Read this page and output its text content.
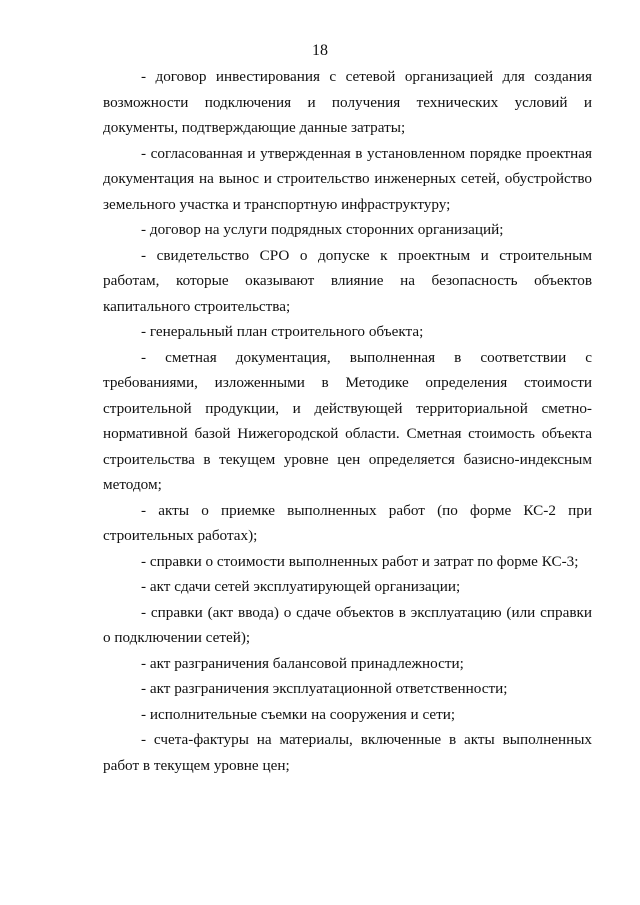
18

- договор инвестирования с сетевой организацией для создания возможности подключения и получения технических условий и документы, подтверждающие данные затраты;

- согласованная и утвержденная в установленном порядке проектная документация на вынос и строительство инженерных сетей, обустройство земельного участка и транспортную инфраструктуру;

- договор на услуги подрядных сторонних организаций;

- свидетельство СРО о допуске к проектным и строительным работам, которые оказывают влияние на безопасность объектов капитального строительства;

- генеральный план строительного объекта;

- сметная документация, выполненная в соответствии с требованиями, изложенными в Методике определения стоимости строительной продукции, и действующей территориальной сметно-нормативной базой Нижегородской области. Сметная стоимость объекта строительства в текущем уровне цен определяется базисно-индексным методом;

- акты о приемке выполненных работ (по форме КС-2 при строительных работах);

- справки о стоимости выполненных работ и затрат по форме КС-3;

- акт сдачи сетей эксплуатирующей организации;

- справки (акт ввода) о сдаче объектов в эксплуатацию (или справки о подключении сетей);

- акт разграничения балансовой принадлежности;

- акт разграничения эксплуатационной ответственности;

- исполнительные съемки на сооружения и сети;

- счета-фактуры на материалы, включенные в акты выполненных работ в текущем уровне цен;
